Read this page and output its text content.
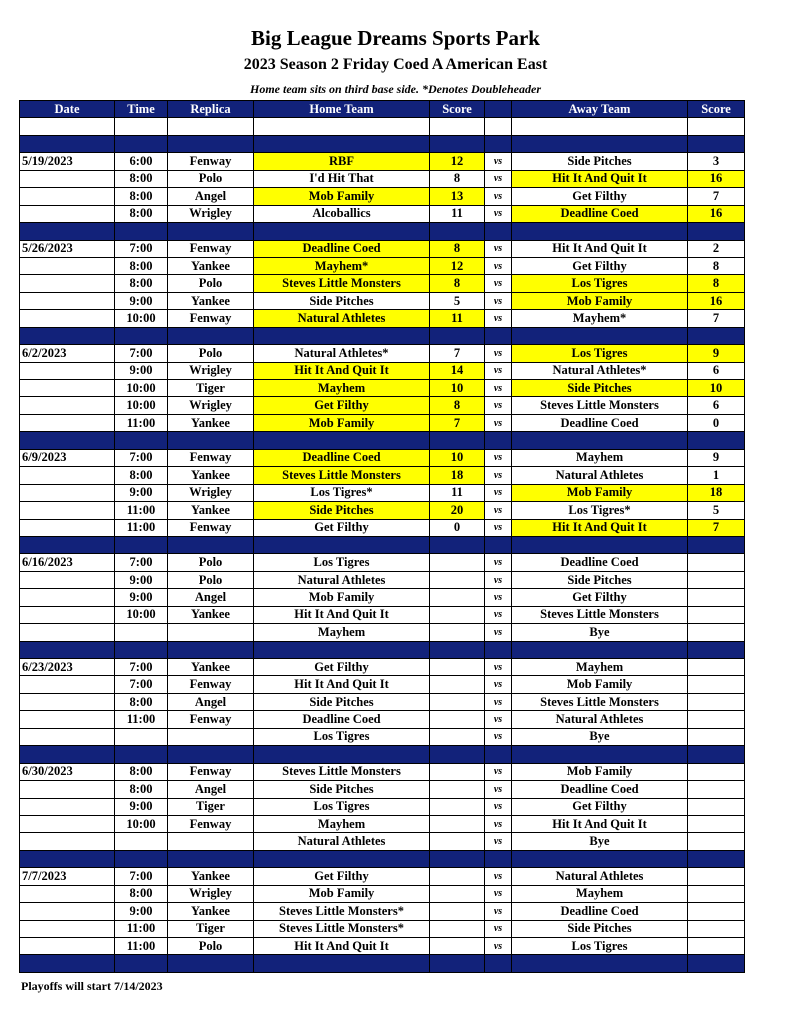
Big League Dreams Sports Park
2023 Season 2 Friday Coed A American East
Home team sits on third base side. *Denotes Doubleheader
Date	Time	Replica	Home Team	Score		Away Team	Score

5/19/2023	6:00	Fenway	RBF	12	vs	Side Pitches	3
	8:00	Polo	I'd Hit That	8	vs	Hit It And Quit It	16
	8:00	Angel	Mob Family	13	vs	Get Filthy	7
	8:00	Wrigley	Alcoballics	11	vs	Deadline Coed	16

5/26/2023	7:00	Fenway	Deadline Coed	8	vs	Hit It And Quit It	2
	8:00	Yankee	Mayhem*	12	vs	Get Filthy	8
	8:00	Polo	Steves Little Monsters	8	vs	Los Tigres	8
	9:00	Yankee	Side Pitches	5	vs	Mob Family	16
	10:00	Fenway	Natural Athletes	11	vs	Mayhem*	7

6/2/2023	7:00	Polo	Natural Athletes*	7	vs	Los Tigres	9
	9:00	Wrigley	Hit It And Quit It	14	vs	Natural Athletes*	6
	10:00	Tiger	Mayhem	10	vs	Side Pitches	10
	10:00	Wrigley	Get Filthy	8	vs	Steves Little Monsters	6
	11:00	Yankee	Mob Family	7	vs	Deadline Coed	0

6/9/2023	7:00	Fenway	Deadline Coed	10	vs	Mayhem	9
	8:00	Yankee	Steves Little Monsters	18	vs	Natural Athletes	1
	9:00	Wrigley	Los Tigres*	11	vs	Mob Family	18
	11:00	Yankee	Side Pitches	20	vs	Los Tigres*	5
	11:00	Fenway	Get Filthy	0	vs	Hit It And Quit It	7

6/16/2023	7:00	Polo	Los Tigres		vs	Deadline Coed	
	9:00	Polo	Natural Athletes		vs	Side Pitches	
	9:00	Angel	Mob Family		vs	Get Filthy	
	10:00	Yankee	Hit It And Quit It		vs	Steves Little Monsters	
			Mayhem		vs	Bye	

6/23/2023	7:00	Yankee	Get Filthy		vs	Mayhem	
	7:00	Fenway	Hit It And Quit It		vs	Mob Family	
	8:00	Angel	Side Pitches		vs	Steves Little Monsters	
	11:00	Fenway	Deadline Coed		vs	Natural Athletes	
			Los Tigres		vs	Bye	

6/30/2023	8:00	Fenway	Steves Little Monsters		vs	Mob Family	
	8:00	Angel	Side Pitches		vs	Deadline Coed	
	9:00	Tiger	Los Tigres		vs	Get Filthy	
	10:00	Fenway	Mayhem		vs	Hit It And Quit It	
			Natural Athletes		vs	Bye	

7/7/2023	7:00	Yankee	Get Filthy		vs	Natural Athletes	
	8:00	Wrigley	Mob Family		vs	Mayhem	
	9:00	Yankee	Steves Little Monsters*		vs	Deadline Coed	
	11:00	Tiger	Steves Little Monsters*		vs	Side Pitches	
	11:00	Polo	Hit It And Quit It		vs	Los Tigres	

Playoffs will start 7/14/2023
